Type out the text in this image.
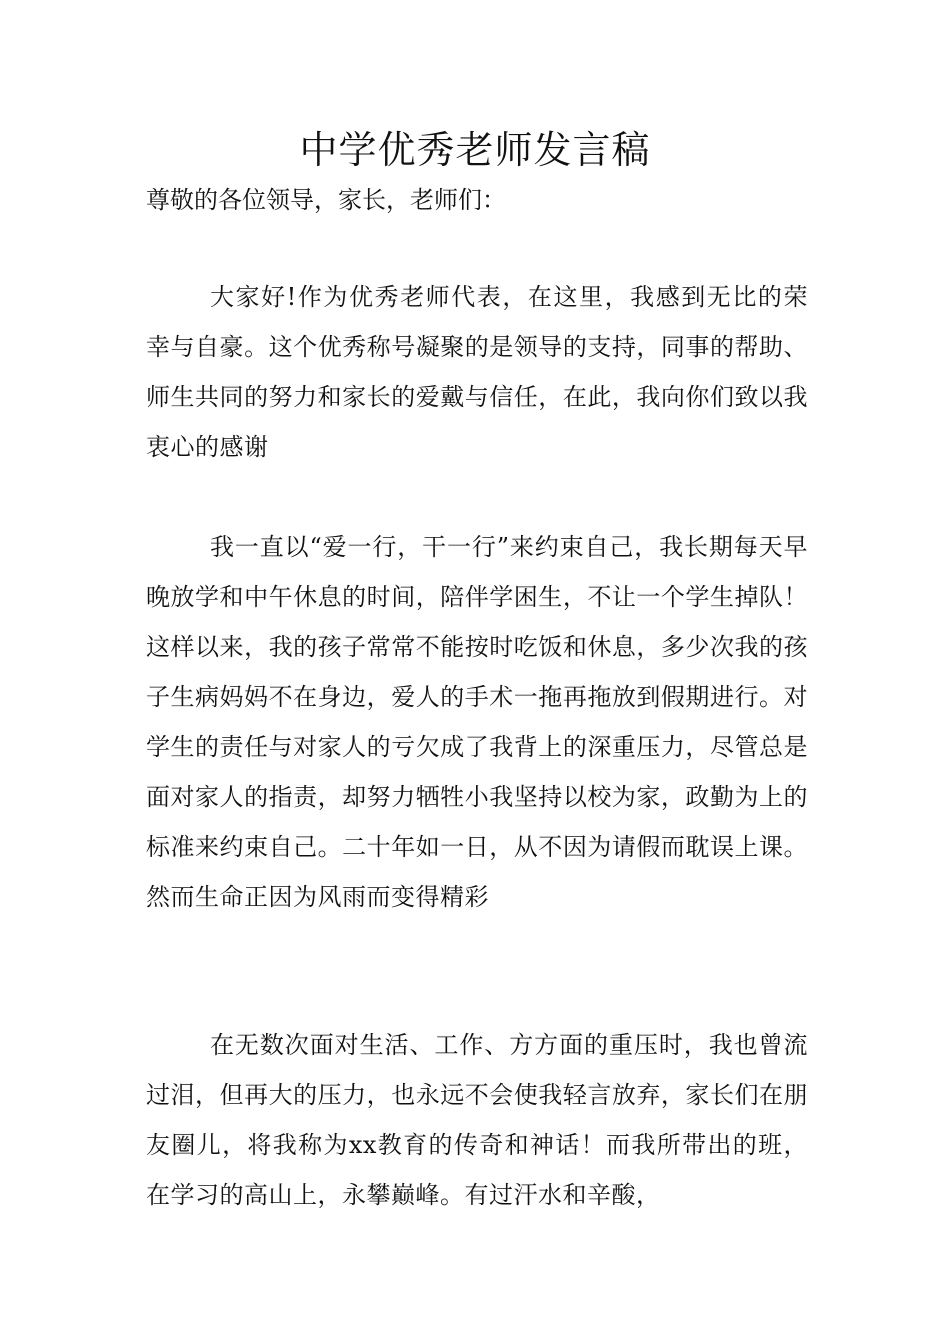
中学优秀老师发言稿

尊敬的各位领导，家长，老师们：

大家好!作为优秀老师代表，在这里，我感到无比的荣幸与自豪。这个优秀称号凝聚的是领导的支持，同事的帮助、师生共同的努力和家长的爱戴与信任，在此，我向你们致以我衷心的感谢

我一直以“爱一行，干一行”来约束自己，我长期每天早晚放学和中午休息的时间，陪伴学困生，不让一个学生掉队！这样以来，我的孩子常常不能按时吃饭和休息，多少次我的孩子生病妈妈不在身边，爱人的手术一拖再拖放到假期进行。对学生的责任与对家人的亏欠成了我背上的深重压力，尽管总是面对家人的指责，却努力牺牲小我坚持以校为家，政勤为上的标准来约束自己。二十年如一日，从不因为请假而耽误上课。然而生命正因为风雨而变得精彩

在无数次面对生活、工作、方方面的重压时，我也曾流过泪，但再大的压力，也永远不会使我轻言放弃，家长们在朋友圈儿，将我称为xx教育的传奇和神话！而我所带出的班，在学习的高山上，永攀巅峰。有过汗水和辛酸，
